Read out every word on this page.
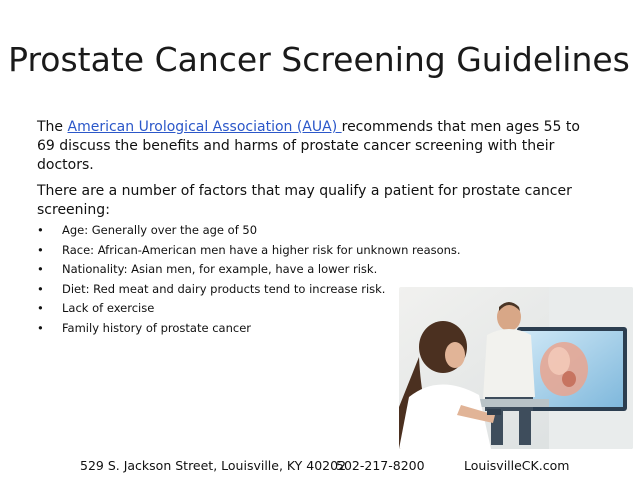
Prostate Cancer Screening Guidelines
The American Urological Association (AUA) recommends that men ages 55 to 69 discuss the benefits and harms of prostate cancer screening with their doctors.
There are a number of factors that may qualify a patient for prostate cancer screening:
• Age: Generally over the age of 50
• Race: African-American men have a higher risk for unknown reasons.
• Nationality: Asian men, for example, have a lower risk.
• Diet: Red meat and dairy products tend to increase risk.
• Lack of exercise
• Family history of prostate cancer
529 S. Jackson Street, Louisville, KY 40202
502-217-8200	LouisvilleCK.com
